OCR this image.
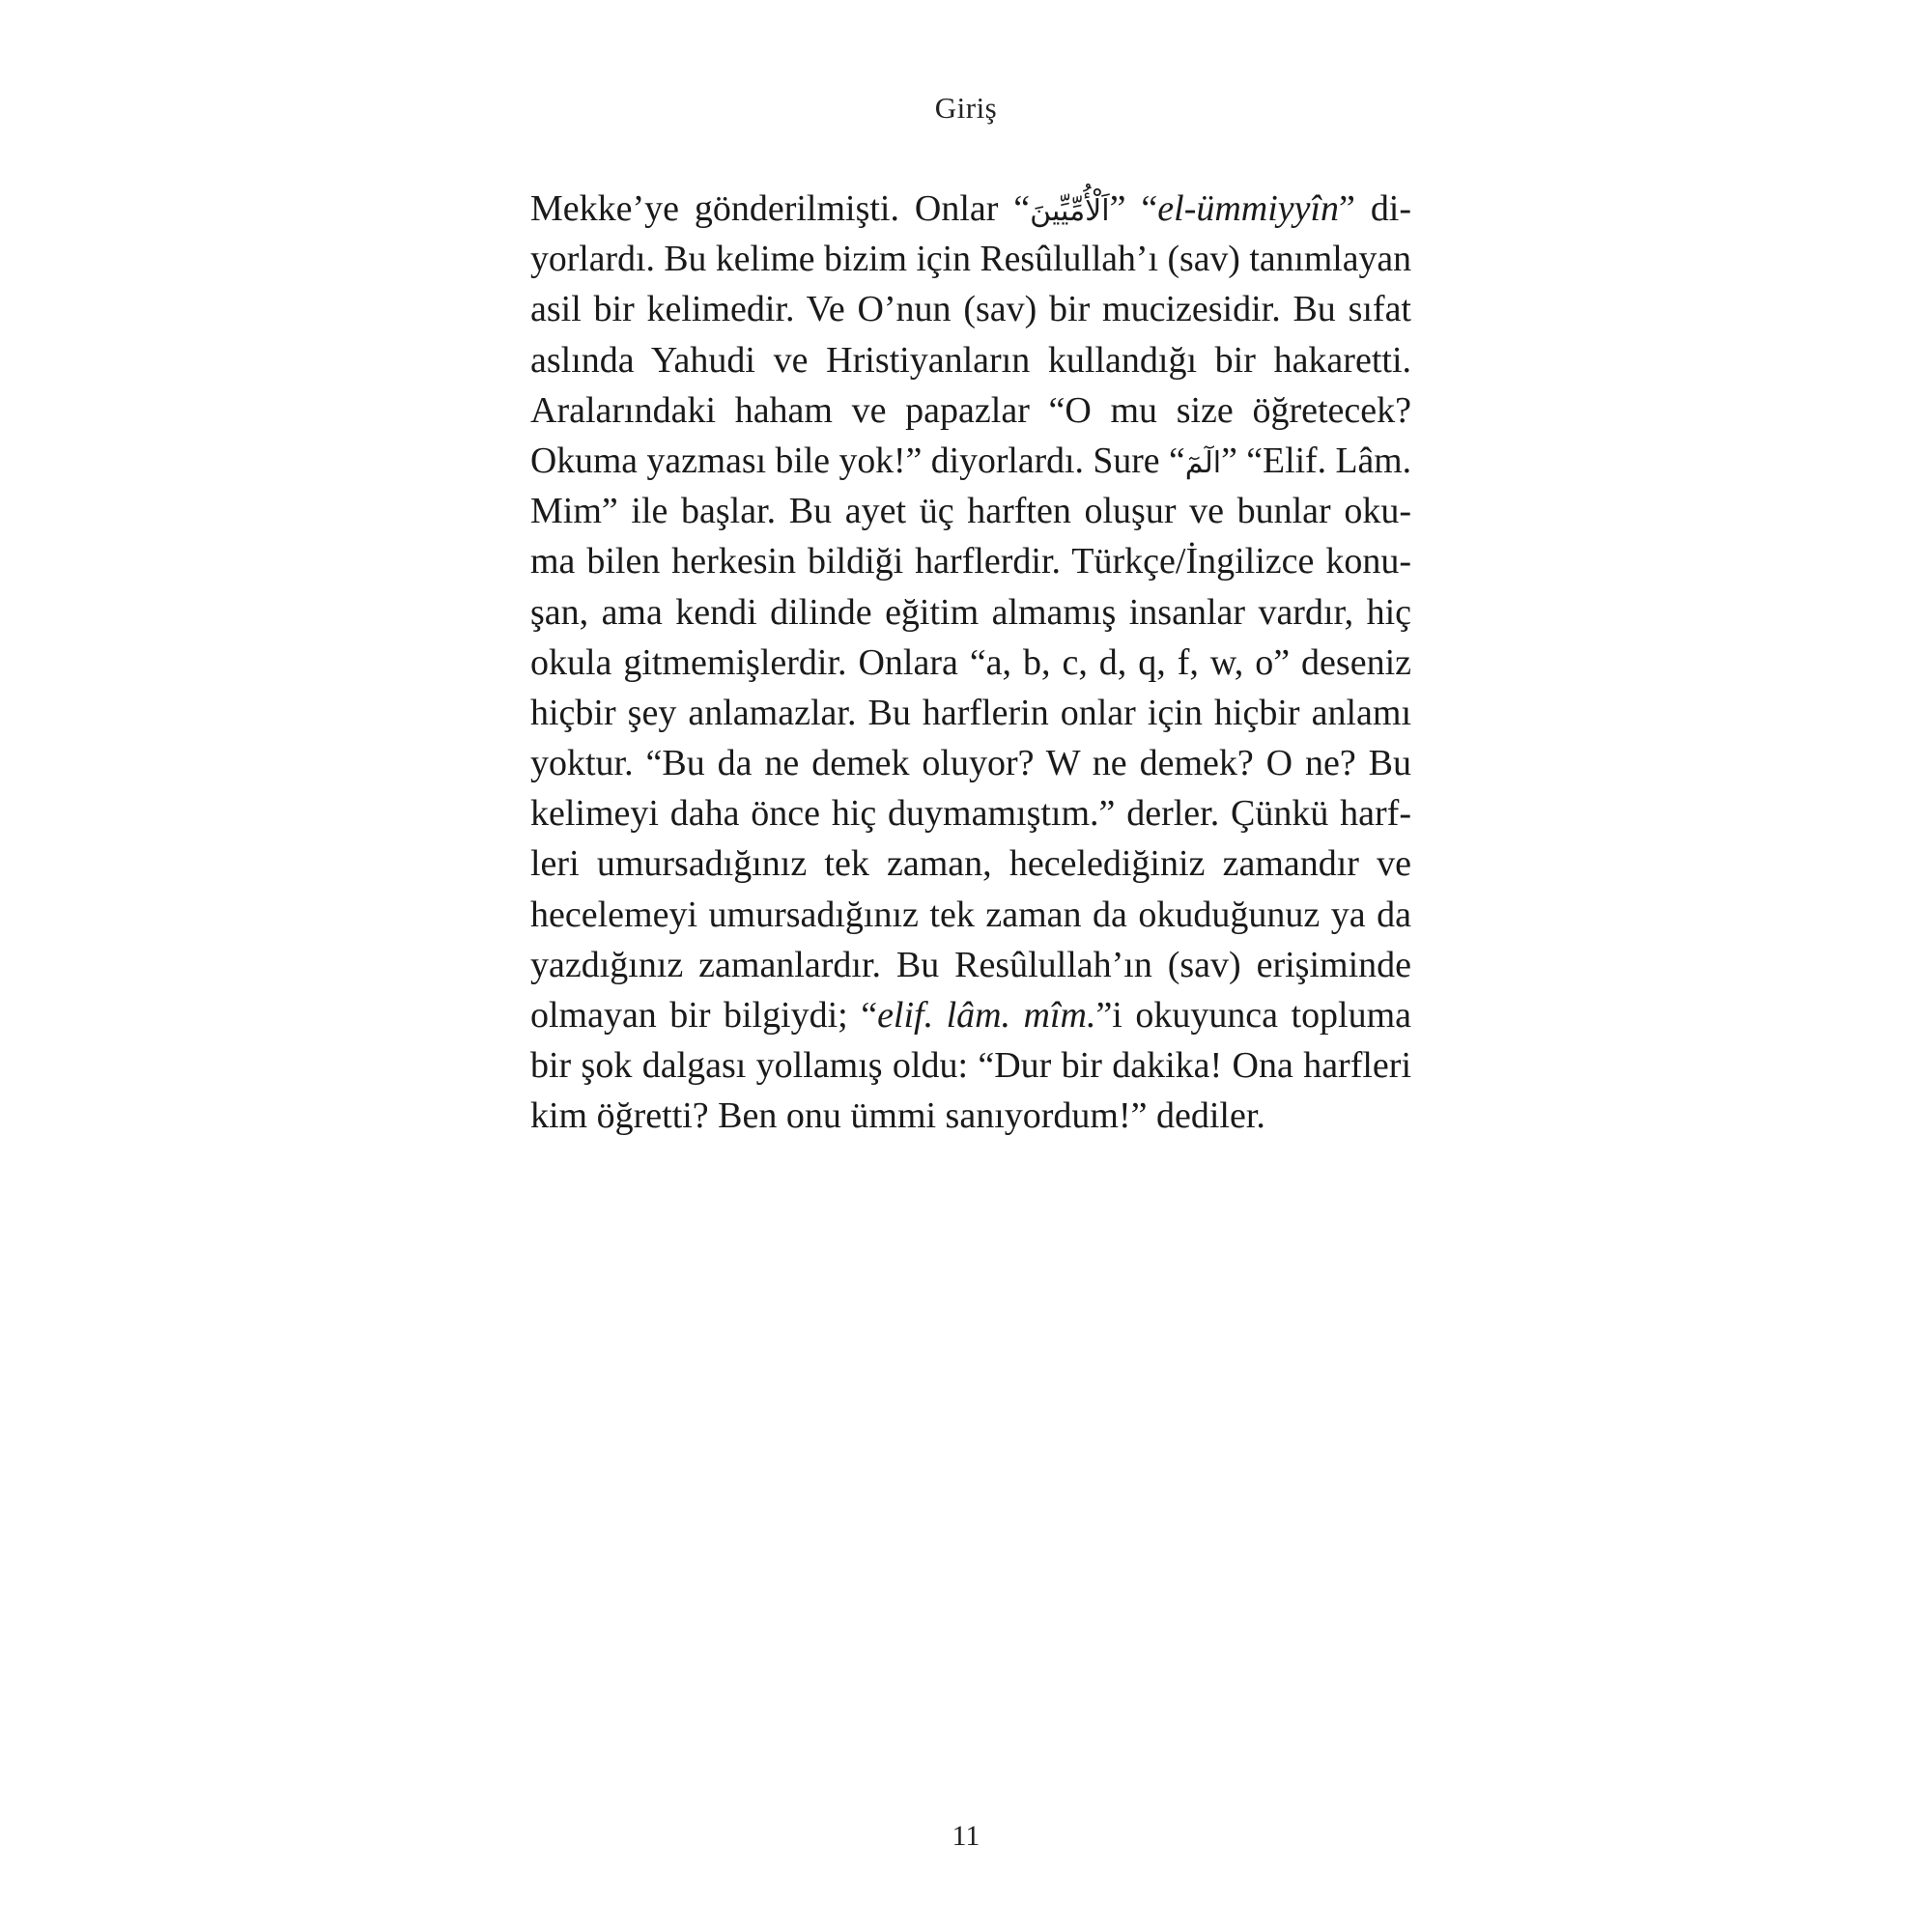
Giriş
Mekke’ye gönderilmişti. Onlar “اَلْأُمِّيِّينَ” “el-ümmiyyîn” di-
yorlardı. Bu kelime bizim için Resûlullah’ı (sav) tanımlayan
asil bir kelimedir. Ve O’nun (sav) bir mucizesidir. Bu sıfat
aslında Yahudi ve Hristiyanların kullandığı bir hakaretti.
Aralarındaki haham ve papazlar “O mu size öğretecek?
Okuma yazması bile yok!” diyorlardı. Sure “الٓمٓ” “Elif. Lâm.
Mim” ile başlar. Bu ayet üç harften oluşur ve bunlar oku-
ma bilen herkesin bildiği harflerdir. Türkçe/İngilizce konu-
şan, ama kendi dilinde eğitim almamış insanlar vardır, hiç
okula gitmemişlerdir. Onlara “a, b, c, d, q, f, w, o” deseniz
hiçbir şey anlamazlar. Bu harflerin onlar için hiçbir anlamı
yoktur. “Bu da ne demek oluyor? W ne demek? O ne? Bu
kelimeyi daha önce hiç duymamıştım.” derler. Çünkü harf-
leri umursadığınız tek zaman, hecelediğiniz zamandır ve
hecelemeyi umursadığınız tek zaman da okuduğunuz ya da
yazdığınız zamanlardır. Bu Resûlullah’ın (sav) erişiminde
olmayan bir bilgiydi; “elif. lâm. mîm.”i okuyunca topluma
bir şok dalgası yollamış oldu: “Dur bir dakika! Ona harfleri
kim öğretti? Ben onu ümmi sanıyordum!” dediler.
11
